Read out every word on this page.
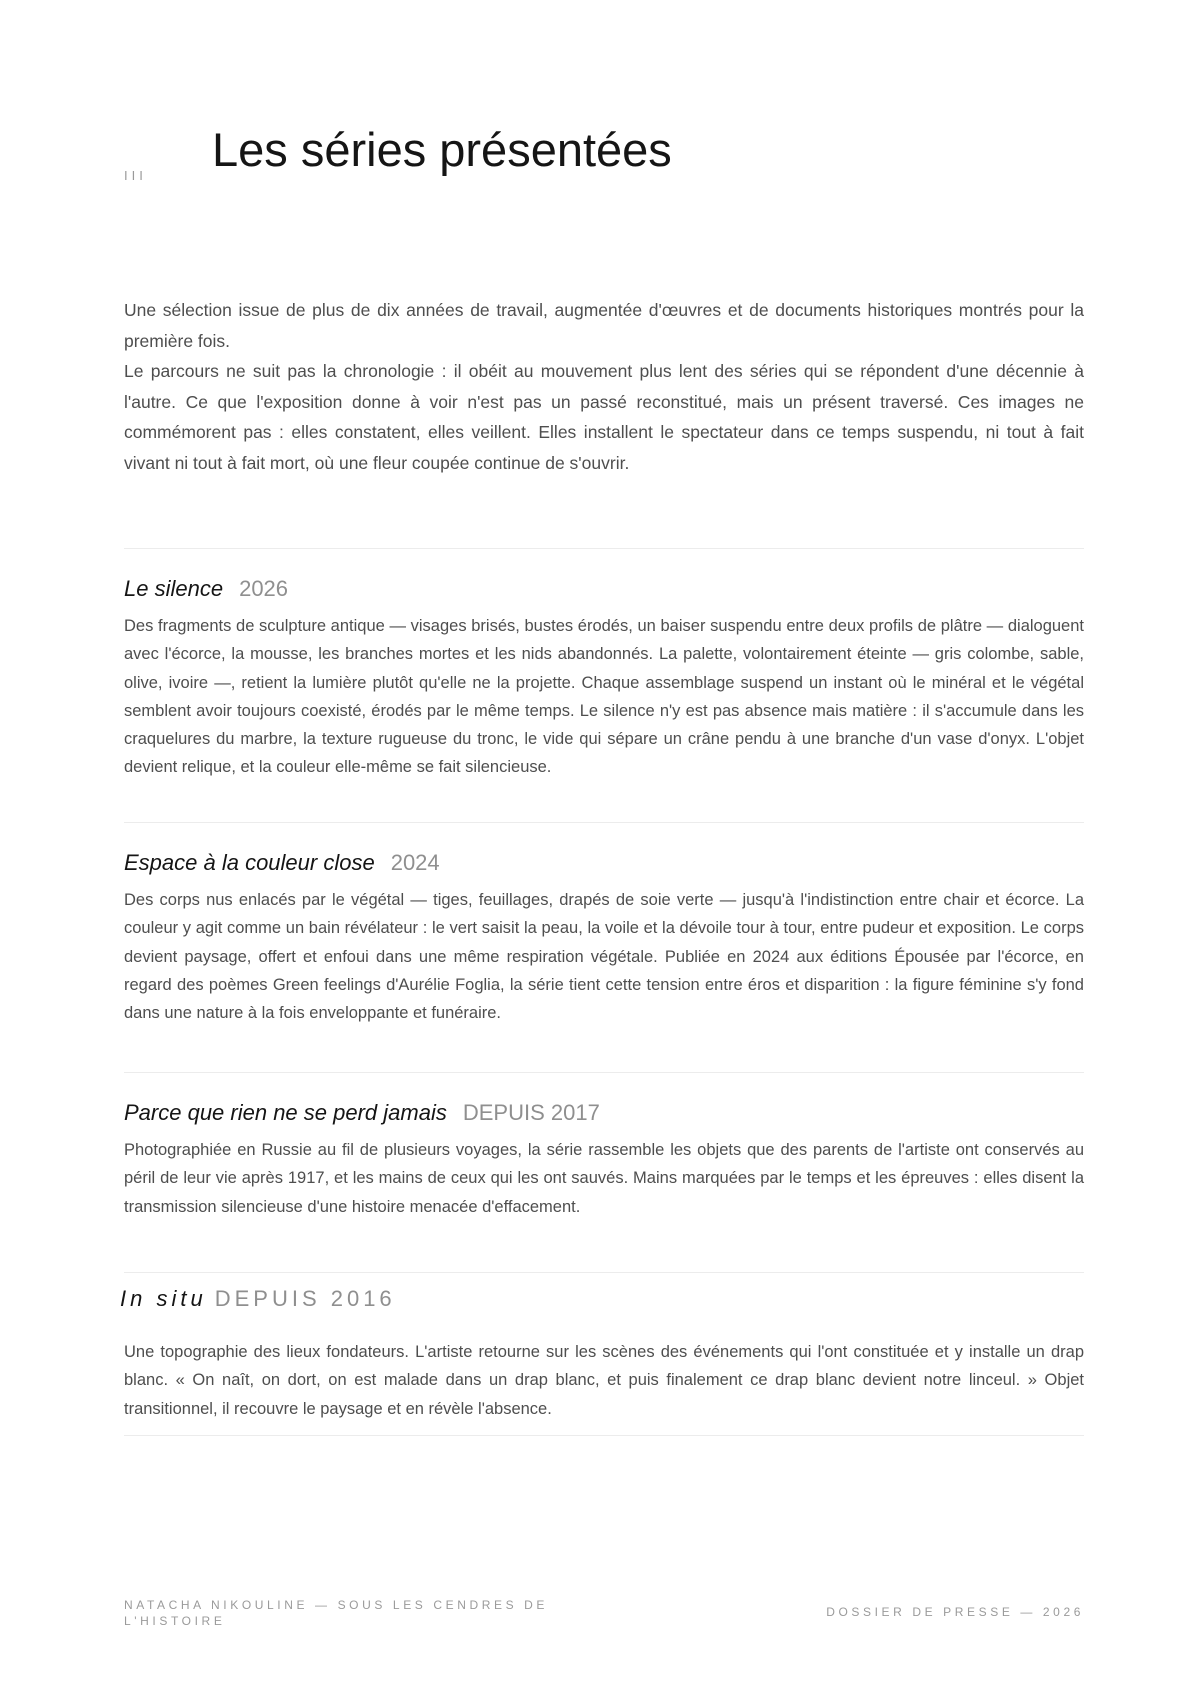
III Les séries présentées

Une sélection issue de plus de dix années de travail, augmentée d'œuvres et de documents historiques montrés pour la première fois.

Le parcours ne suit pas la chronologie : il obéit au mouvement plus lent des séries qui se répondent d'une décennie à l'autre. Ce que l'exposition donne à voir n'est pas un passé reconstitué, mais un présent traversé. Ces images ne commémorent pas : elles constatent, elles veillent. Elles installent le spectateur dans ce temps suspendu, ni tout à fait vivant ni tout à fait mort, où une fleur coupée continue de s'ouvrir.

Le silence 2026

Des fragments de sculpture antique — visages brisés, bustes érodés, un baiser suspendu entre deux profils de plâtre — dialoguent avec l'écorce, la mousse, les branches mortes et les nids abandonnés. La palette, volontairement éteinte — gris colombe, sable, olive, ivoire —, retient la lumière plutôt qu'elle ne la projette. Chaque assemblage suspend un instant où le minéral et le végétal semblent avoir toujours coexisté, érodés par le même temps. Le silence n'y est pas absence mais matière : il s'accumule dans les craquelures du marbre, la texture rugueuse du tronc, le vide qui sépare un crâne pendu à une branche d'un vase d'onyx. L'objet devient relique, et la couleur elle-même se fait silencieuse.

Espace à la couleur close 2024

Des corps nus enlacés par le végétal — tiges, feuillages, drapés de soie verte — jusqu'à l'indistinction entre chair et écorce. La couleur y agit comme un bain révélateur : le vert saisit la peau, la voile et la dévoile tour à tour, entre pudeur et exposition. Le corps devient paysage, offert et enfoui dans une même respiration végétale. Publiée en 2024 aux éditions Épousée par l'écorce, en regard des poèmes Green feelings d'Aurélie Foglia, la série tient cette tension entre éros et disparition : la figure féminine s'y fond dans une nature à la fois enveloppante et funéraire.

Parce que rien ne se perd jamais DEPUIS 2017

Photographiée en Russie au fil de plusieurs voyages, la série rassemble les objets que des parents de l'artiste ont conservés au péril de leur vie après 1917, et les mains de ceux qui les ont sauvés. Mains marquées par le temps et les épreuves : elles disent la transmission silencieuse d'une histoire menacée d'effacement.

In situ DEPUIS 2016

Une topographie des lieux fondateurs. L'artiste retourne sur les scènes des événements qui l'ont constituée et y installe un drap blanc. « On naît, on dort, on est malade dans un drap blanc, et puis finalement ce drap blanc devient notre linceul. » Objet transitionnel, il recouvre le paysage et en révèle l'absence.

NATACHA NIKOULINE — SOUS LES CENDRES DE L'HISTOIRE
DOSSIER DE PRESSE — 2026
